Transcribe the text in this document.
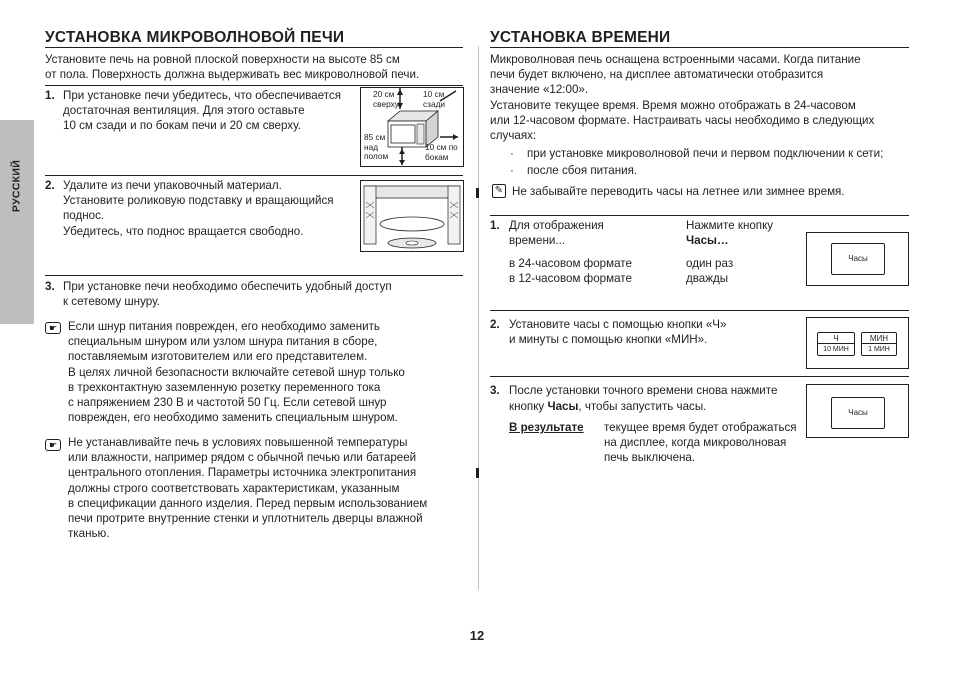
РУССКИЙ
УСТАНОВКА МИКРОВОЛНОВОЙ ПЕЧИ

Установите печь на ровной плоской поверхности на высоте 85 см
от пола. Поверхность должна выдерживать вес микроволновой печи.

1. При установке печи убедитесь, что обеспечивается
достаточная вентиляция. Для этого оставьте
10 см сзади и по бокам печи и 20 см сверху.

20 см
сверху
10 см
сзади
85 см
над
полом
10 см по
бокам
2. Удалите из печи упаковочный материал.
Установите роликовую подставку и вращающийся
поднос.
Убедитесь, что поднос вращается свободно.

3. При установке печи необходимо обеспечить удобный доступ
к сетевому шнуру.

☛ Если шнур питания поврежден, его необходимо заменить
специальным шнуром или узлом шнура питания в сборе,
поставляемым изготовителем или его представителем.
В целях личной безопасности включайте сетевой шнур только
в трехконтактную заземленную розетку переменного тока
с напряжением 230 В и частотой 50 Гц. Если сетевой шнур
поврежден, его необходимо заменить специальным шнуром.

☛ Не устанавливайте печь в условиях повышенной температуры
или влажности, например рядом с обычной печью или батареей
центрального отопления. Параметры источника электропитания
должны строго соответствовать характеристикам, указанным
в спецификации данного изделия. Перед первым использованием
печи протрите внутренние стенки и уплотнитель дверцы влажной
тканью.

УСТАНОВКА ВРЕМЕНИ

Микроволновая печь оснащена встроенными часами. Когда питание
печи будет включено, на дисплее автоматически отобразится
значение «12:00».
Установите текущее время. Время можно отображать в 24-часовом
или 12-часовом формате. Настраивать часы необходимо в следующих
случаях:

· при установке микроволновой печи и первом подключении к сети;

· после сбоя питания.

✎ Не забывайте переводить часы на летнее или зимнее время.

1. Для отображения
времени...

Нажмите кнопку

Часы…

в 24-часовом формате

в 12-часовом формате

один раз

дважды

Часы
2. Установите часы с помощью кнопки «Ч»
и минуты с помощью кнопки «МИН».	Ч
10 МИН
МИН
1 МИН
3. После установки точного времени снова нажмите

кнопку Часы, чтобы запустить часы.

В результате текущее время будет отображаться
на дисплее, когда микроволновая
печь выключена.

Часы
12
